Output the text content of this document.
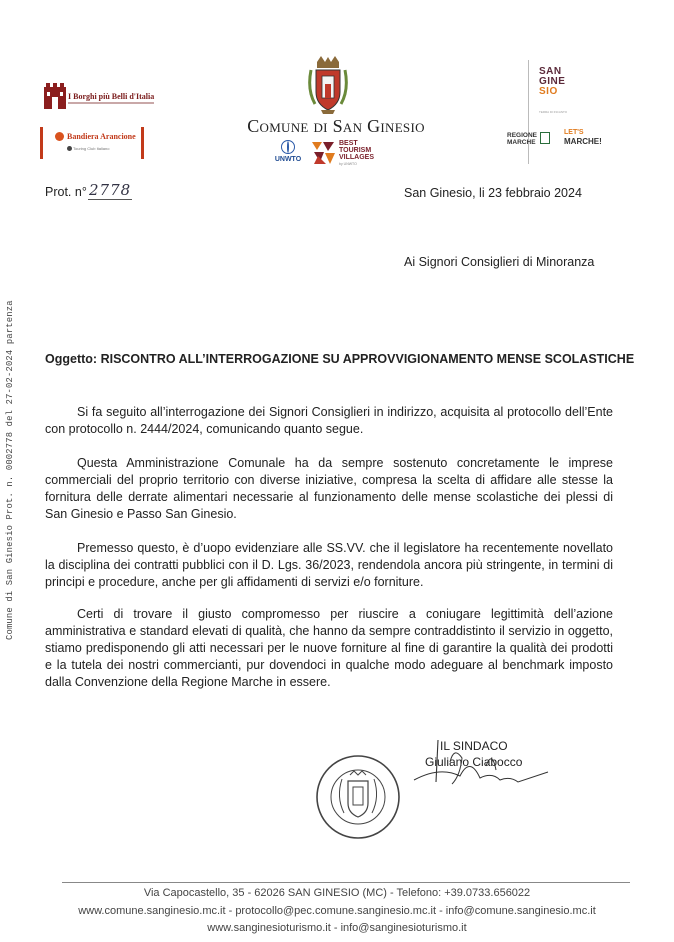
I Borghi più Belli d'Italia
Bandiera Arancione
Touring Club Italiano
Comune di San Ginesio
UNWTO
BEST
TOURISM
VILLAGES
by UNWTO
SAN
GINE
SIO
TERRA DI INCANTO
REGIONE
MARCHE
LET'S
MARCHE!
Comune di San Ginesio Prot. n. 0002778 del 27-02-2024 partenza
Prot. n° 2778	San Ginesio, li 23 febbraio 2024
Ai Signori Consiglieri di Minoranza
Oggetto: RISCONTRO ALL’INTERROGAZIONE SU APPROVVIGIONAMENTO MENSE SCOLASTICHE

Si fa seguito all’interrogazione dei Signori Consiglieri in indirizzo, acquisita al protocollo dell’Ente con protocollo n. 2444/2024, comunicando quanto segue.

Questa Amministrazione Comunale ha da sempre sostenuto concretamente le imprese commerciali del proprio territorio con diverse iniziative, compresa la scelta di affidare alle stesse la fornitura delle derrate alimentari necessarie al funzionamento delle mense scolastiche dei plessi di San Ginesio e Passo San Ginesio.

Premesso questo, è d’uopo evidenziare alle SS.VV. che il legislatore ha recentemente novellato la disciplina dei contratti pubblici con il D. Lgs. 36/2023, rendendola ancora più stringente, in termini di principi e procedure, anche per gli affidamenti di servizi e/o forniture.

Certi di trovare il giusto compromesso per riuscire a coniugare legittimità dell’azione amministrativa e standard elevati di qualità, che hanno da sempre contraddistinto il servizio in oggetto, stiamo predisponendo gli atti necessari per le nuove forniture al fine di garantire la qualità dei prodotti e la tutela dei nostri commercianti, pur dovendoci in qualche modo adeguare al benchmark imposto dalla Convenzione della Regione Marche in essere.

IL SINDACO
Giuliano Ciabocco
Via Capocastello, 35 - 62026 SAN GINESIO (MC) - Telefono: +39.0733.656022
www.comune.sanginesio.mc.it - protocollo@pec.comune.sanginesio.mc.it - info@comune.sanginesio.mc.it
www.sanginesioturismo.it - info@sanginesioturismo.it
